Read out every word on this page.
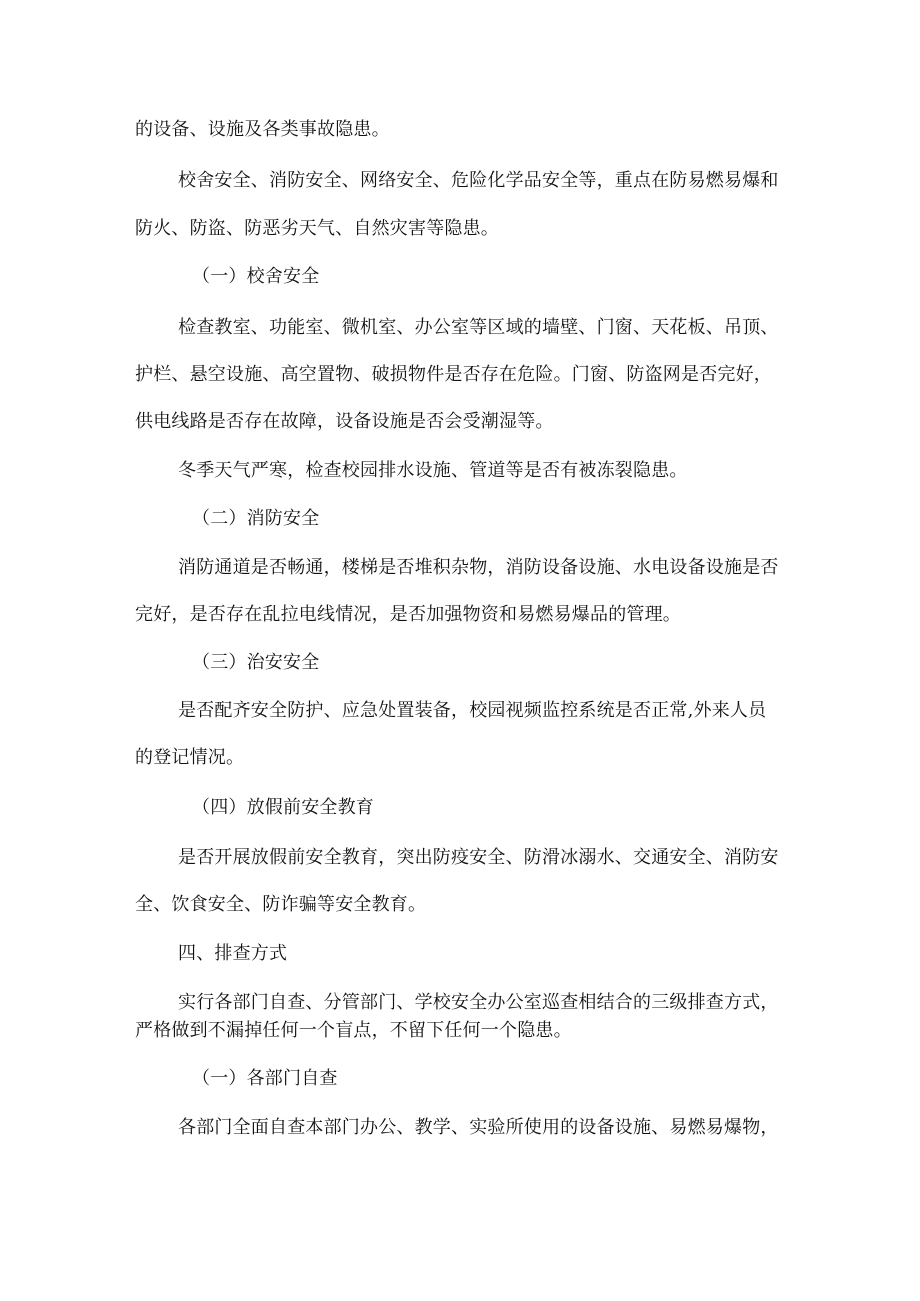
的设备、设施及各类事故隐患。
校舍安全、消防安全、网络安全、危险化学品安全等，重点在防易燃易爆和
防火、防盗、防恶劣天气、自然灾害等隐患。
（一）校舍安全
检查教室、功能室、微机室、办公室等区域的墙壁、门窗、天花板、吊顶、
护栏、悬空设施、高空置物、破损物件是否存在危险。门窗、防盗网是否完好，
供电线路是否存在故障，设备设施是否会受潮湿等。
冬季天气严寒，检查校园排水设施、管道等是否有被冻裂隐患。
（二）消防安全
消防通道是否畅通，楼梯是否堆积杂物，消防设备设施、水电设备设施是否
完好，是否存在乱拉电线情况，是否加强物资和易燃易爆品的管理。
（三）治安安全
是否配齐安全防护、应急处置装备，校园视频监控系统是否正常,外来人员
的登记情况。
（四）放假前安全教育
是否开展放假前安全教育，突出防疫安全、防滑冰溺水、交通安全、消防安
全、饮食安全、防诈骗等安全教育。
四、排查方式
实行各部门自查、分管部门、学校安全办公室巡查相结合的三级排查方式，
严格做到不漏掉任何一个盲点，不留下任何一个隐患。
（一）各部门自查
各部门全面自查本部门办公、教学、实验所使用的设备设施、易燃易爆物，
